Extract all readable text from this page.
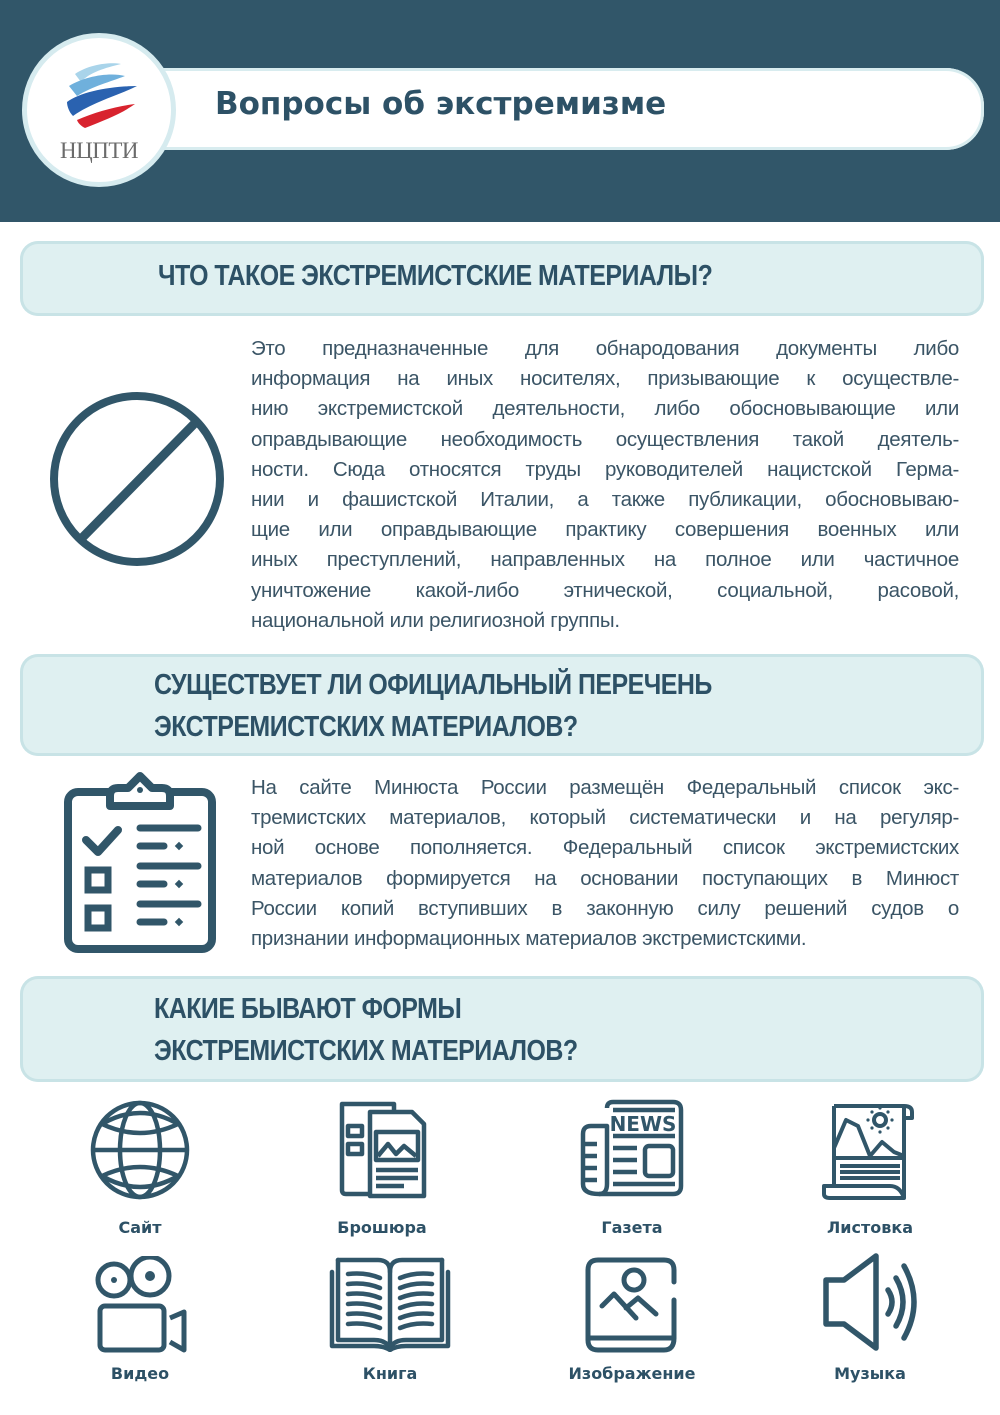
Вопросы об экстремизме
НЦПТИ
ЧТО ТАКОЕ ЭКСТРЕМИСТСКИЕ МАТЕРИАЛЫ?
Это предназначенные для обнародования документы либо
информация на иных носителях, призывающие к осуществле-
нию экстремистской деятельности, либо обосновывающие или
оправдывающие необходимость осуществления такой деятель-
ности. Сюда относятся труды руководителей нацистской Герма-
нии и фашистской Италии, а также публикации, обосновываю-
щие или оправдывающие практику совершения военных или
иных преступлений, направленных на полное или частичное
уничтожение какой-либо этнической, социальной, расовой,
национальной или религиозной группы.
СУЩЕСТВУЕТ ЛИ ОФИЦИАЛЬНЫЙ ПЕРЕЧЕНЬ
ЭКСТРЕМИСТСКИХ МАТЕРИАЛОВ?
На сайте Минюста России размещён Федеральный список экс-
тремистских материалов, который систематически и на регуляр-
ной основе пополняется. Федеральный список экстремистских
материалов формируется на основании поступающих в Минюст
России копий вступивших в законную силу решений судов о
признании информационных материалов экстремистскими.
КАКИЕ БЫВАЮТ ФОРМЫ
ЭКСТРЕМИСТСКИХ МАТЕРИАЛОВ?
Сайт	Брошюра
NEWS
Газета	Листовка
Видео	Книга	Изображение	Музыка
